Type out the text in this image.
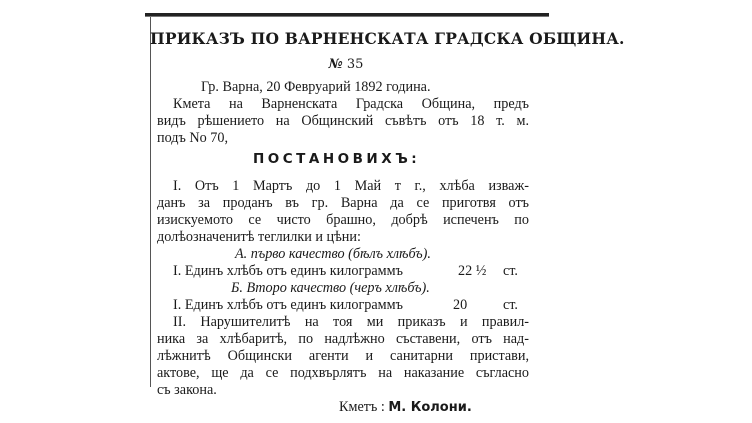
ПРИКАЗЪ ПО ВАРНЕНСКАТА ГРАДСКА ОБЩИНА.
№ 35
Гр. Варна, 20 Февруарий 1892 година.
Кмета на Варненската Градска Община, предъ
видъ рѣшението на Общинский съвѣтъ отъ 18 т. м.
подъ No 70,
ПОСТАНОВИХЪ:
I. Отъ 1 Мартъ до 1 Май т г., хлѣба изваж-
данъ за проданъ въ гр. Варна да се приготвя отъ
изискуемото се чисто брашно, добрѣ испеченъ по
долѣозначенитѣ теглилки и цѣни:
А. първо качество (бѣлъ хлѣбъ).
I. Единъ хлѣбъ отъ единъ килограммъ	22 ½ ст.
Б. Второ качество (черъ хлѣбъ).
I. Единъ хлѣбъ отъ единъ килограммъ	20	ст.
II. Нарушителитѣ на тоя ми приказъ и правил-
ника за хлѣбаритѣ, по надлѣжно съставени, отъ над-
лѣжнитѣ Общински агенти и санитарни пристави,
актове, ще да се подхвърлятъ на наказание съгласно
съ закона.
Кметъ : М. Колони.
